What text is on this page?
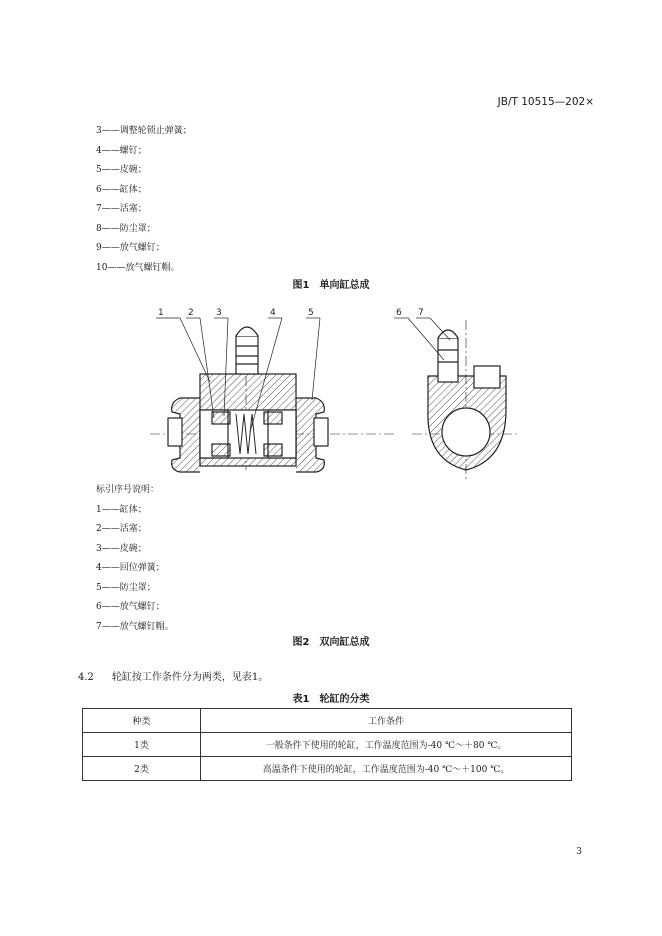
JB/T 10515—202×
3——调整轮锁止弹簧；
4——螺钉；
5——皮碗；
6——缸体；
7——活塞；
8——防尘罩；
9——放气螺钉；
10——放气螺钉帽。
图1　单向缸总成
1	2 3	4	5	6 7
标引序号说明：
1——缸体；
2——活塞；
3——皮碗；
4——回位弹簧；
5——防尘罩；
6——放气螺钉；
7——放气螺钉帽。
图2　双向缸总成
4.2 轮缸按工作条件分为两类，见表1。
表1　轮缸的分类
种类	工作条件
1类	一般条件下使用的轮缸，工作温度范围为-40 ℃～＋80 ℃。
2类	高温条件下使用的轮缸，工作温度范围为-40 ℃～＋100 ℃。
3
